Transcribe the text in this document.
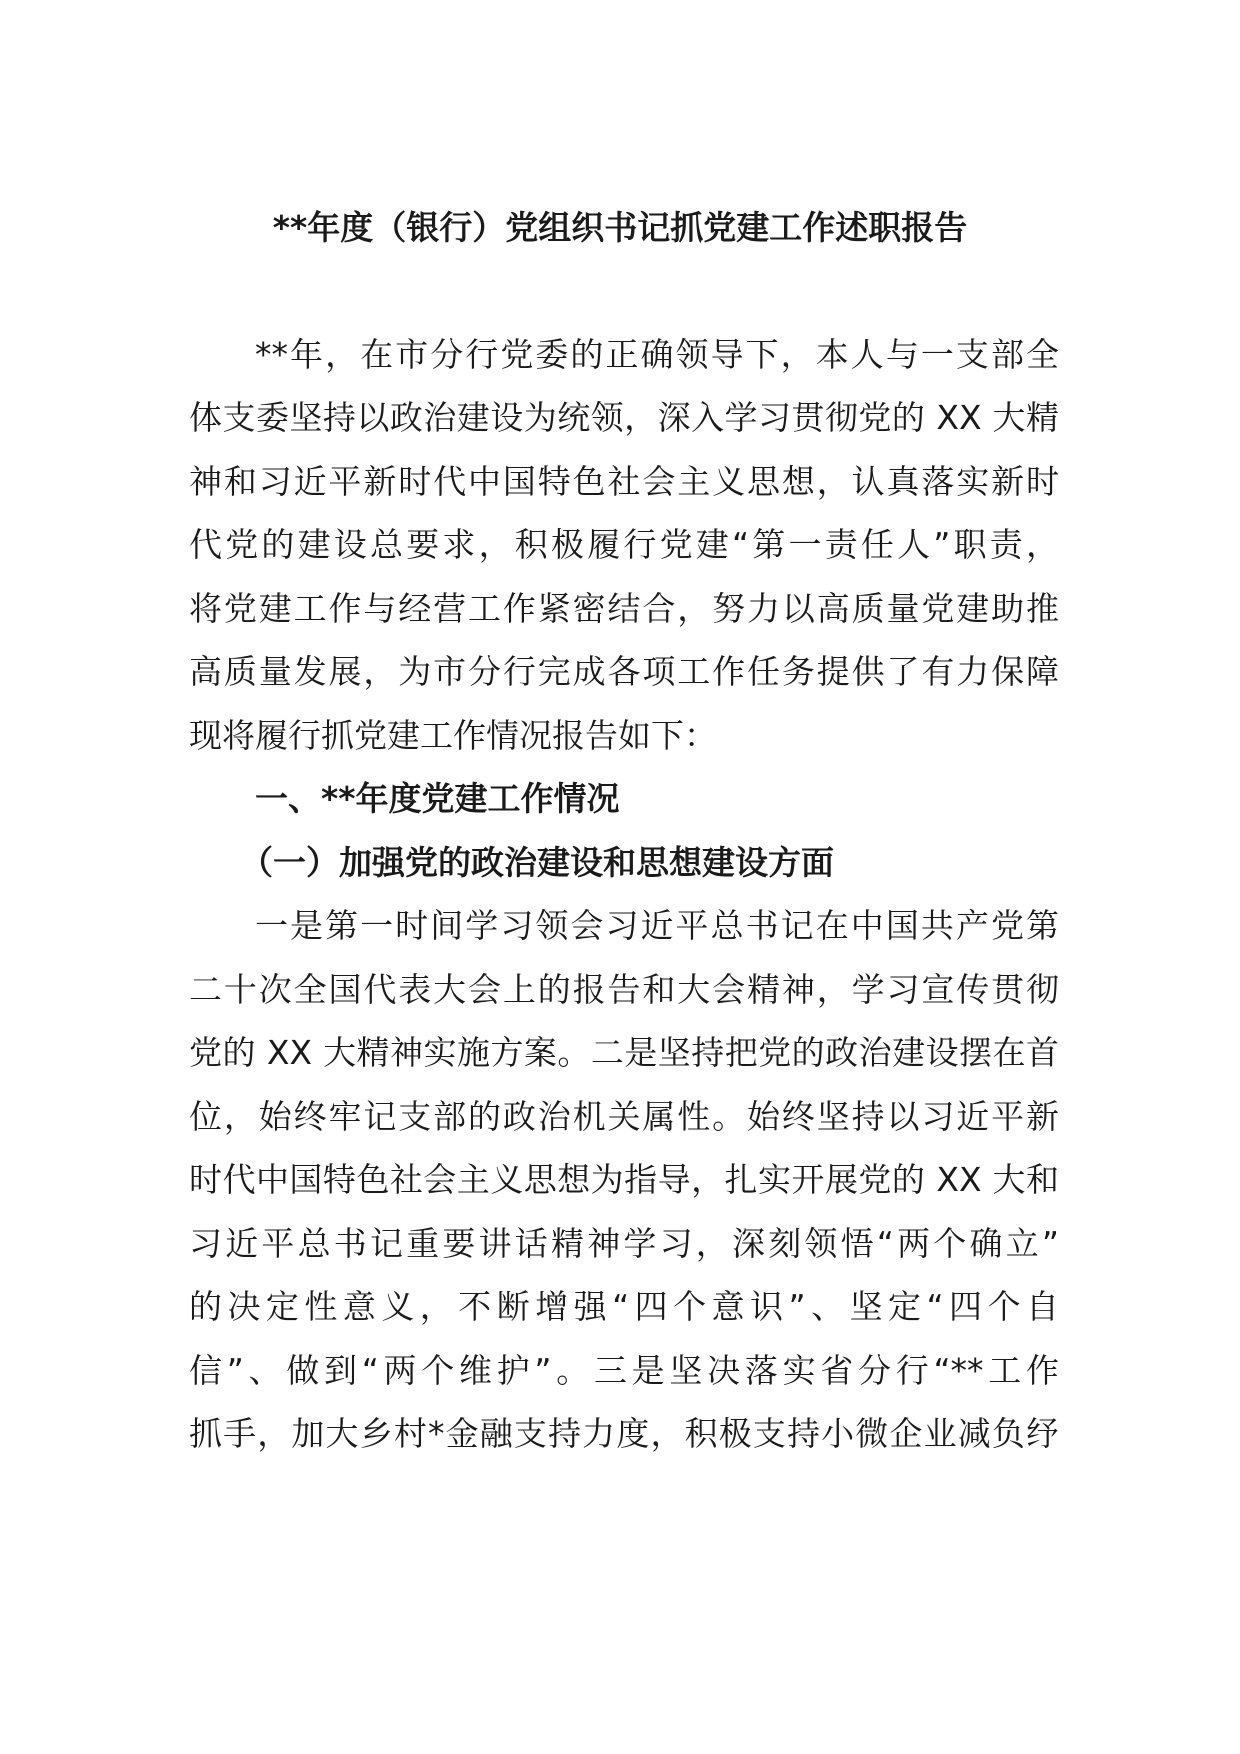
**年度（银行）党组织书记抓党建工作述职报告
**年，在市分行党委的正确领导下，本人与一支部全
体支委坚持以政治建设为统领，深入学习贯彻党的 XX 大精
神和习近平新时代中国特色社会主义思想，认真落实新时
代党的建设总要求，积极履行党建“第一责任人”职责，
将党建工作与经营工作紧密结合，努力以高质量党建助推
高质量发展，为市分行完成各项工作任务提供了有力保障
现将履行抓党建工作情况报告如下：
一、**年度党建工作情况
（一）加强党的政治建设和思想建设方面
一是第一时间学习领会习近平总书记在中国共产党第
二十次全国代表大会上的报告和大会精神，学习宣传贯彻
党的 XX 大精神实施方案。二是坚持把党的政治建设摆在首
位，始终牢记支部的政治机关属性。始终坚持以习近平新
时代中国特色社会主义思想为指导，扎实开展党的 XX 大和
习近平总书记重要讲话精神学习，深刻领悟“两个确立”
的决定性意义，不断增强“四个意识”、坚定“四个自
信”、做到“两个维护”。三是坚决落实省分行“**工作
抓手，加大乡村*金融支持力度，积极支持小微企业减负纾
